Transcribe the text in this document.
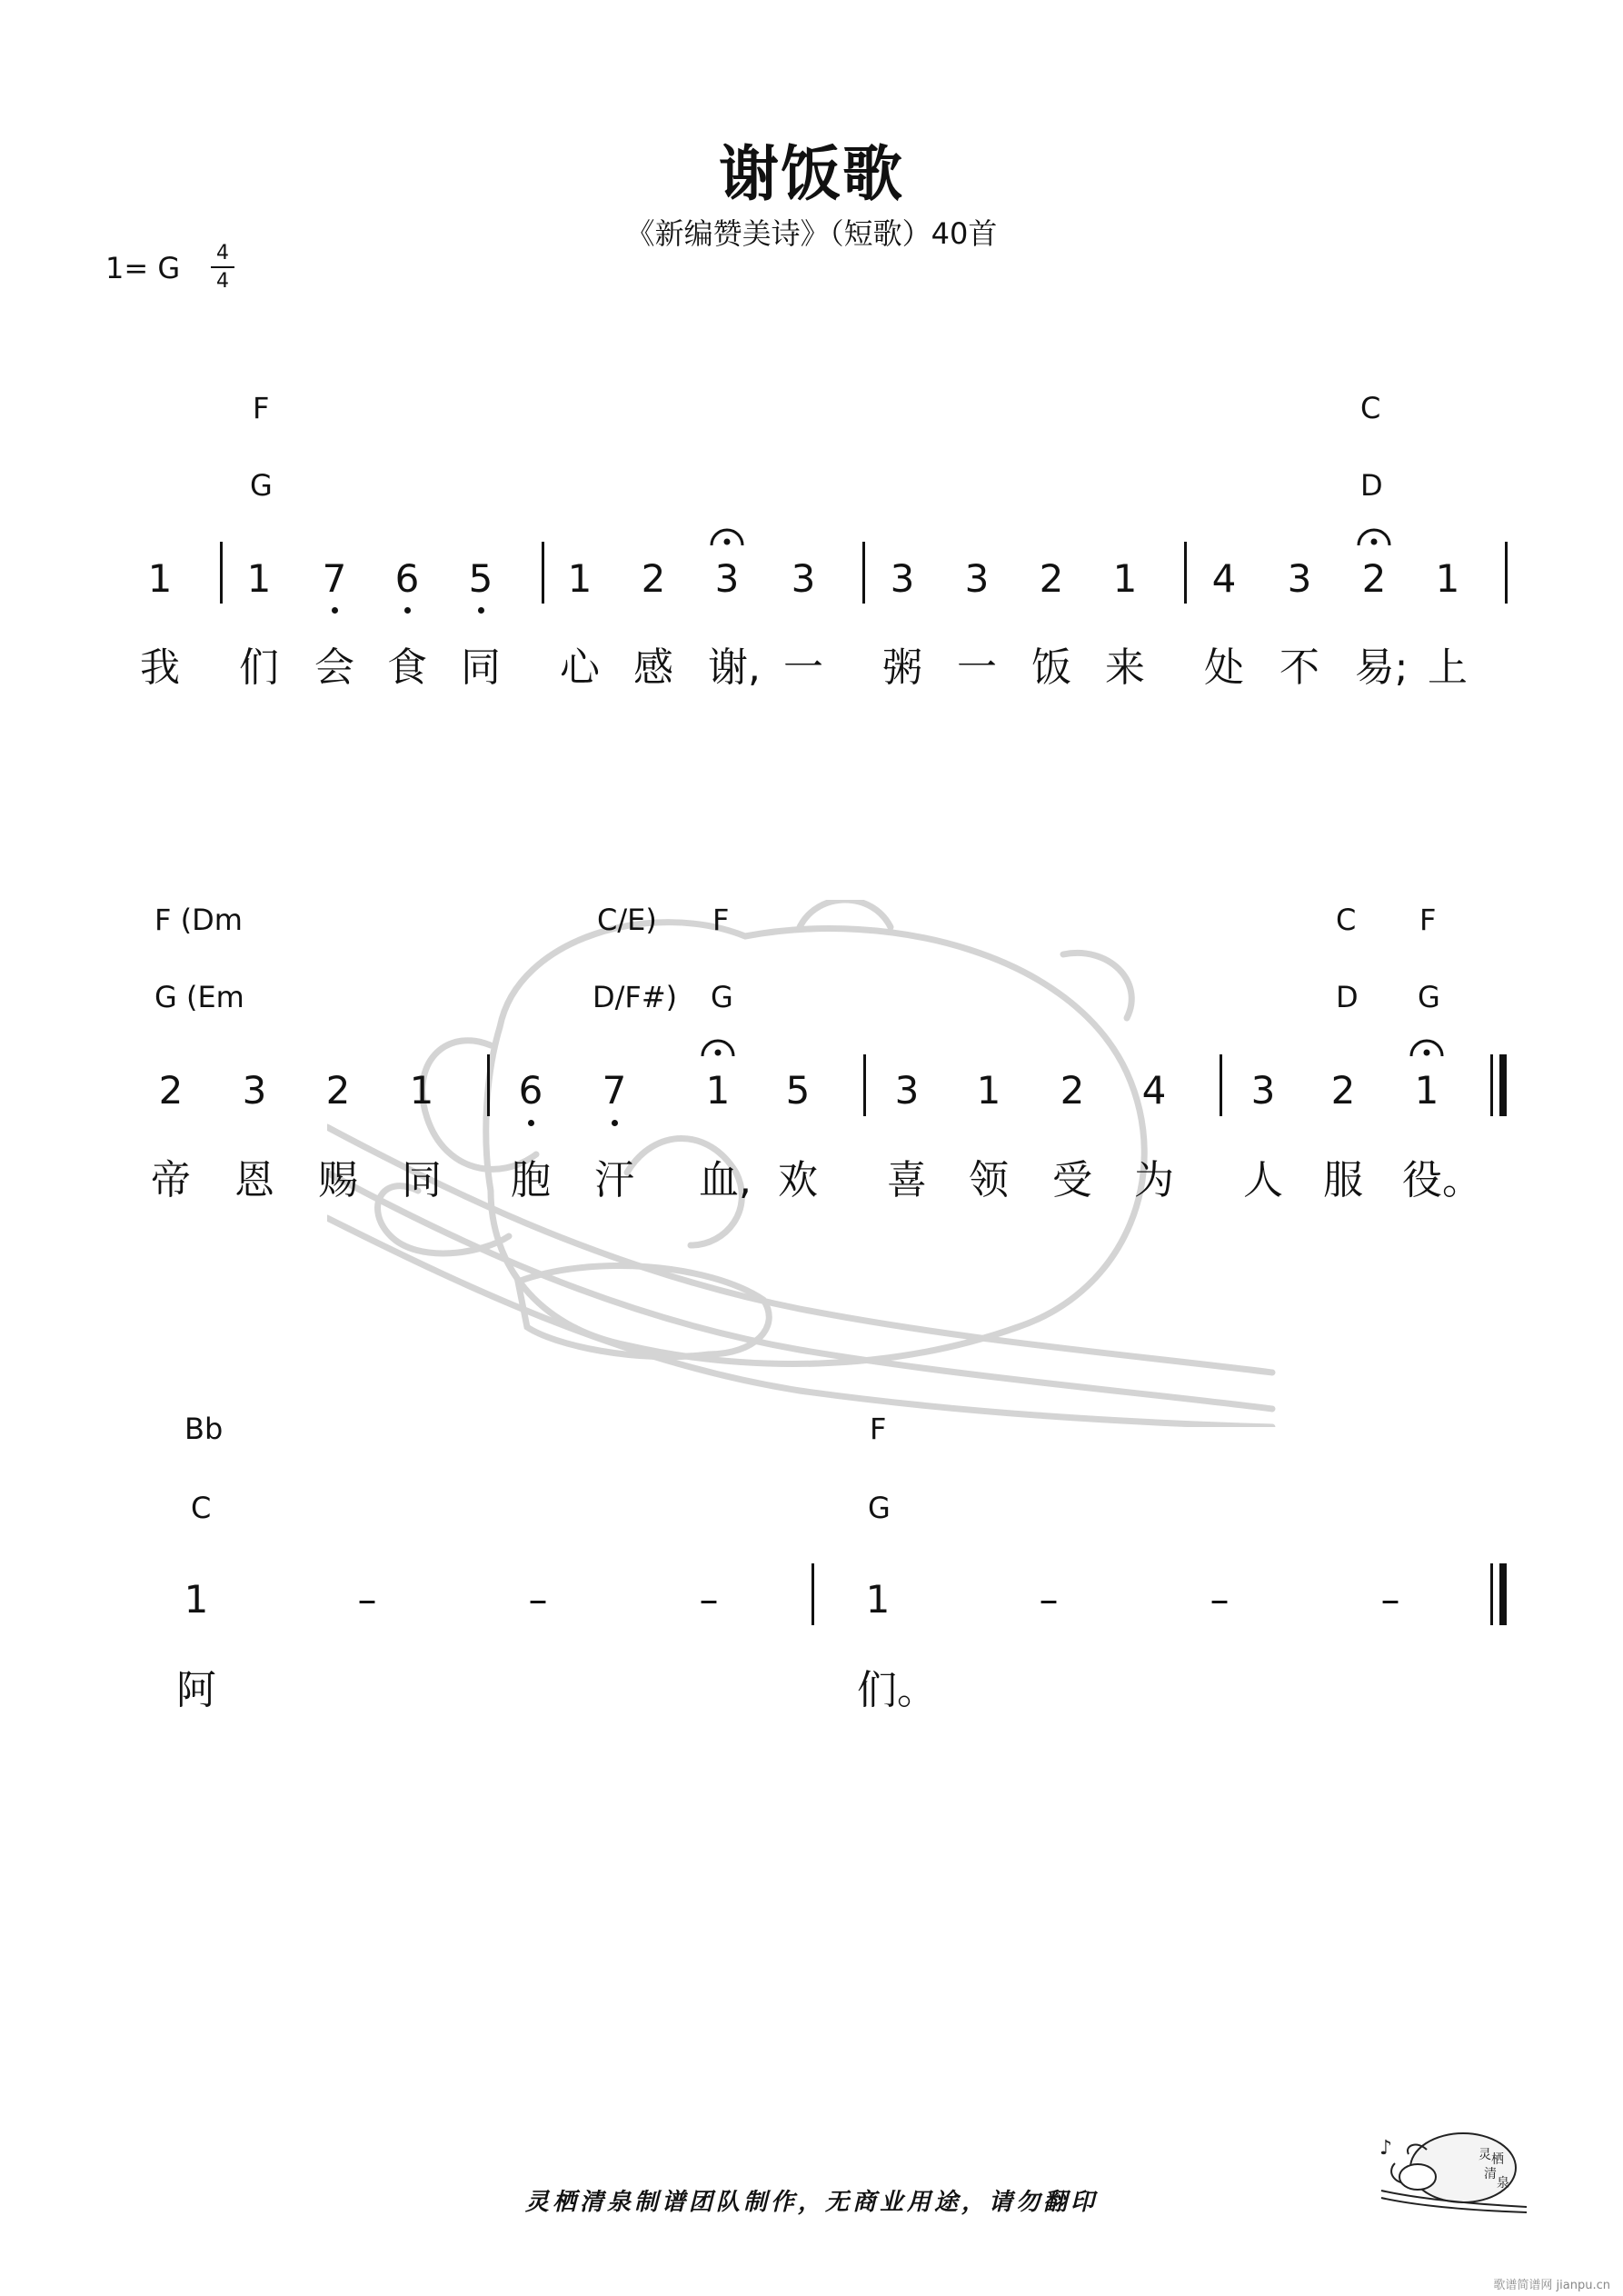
谢饭歌
《新编赞美诗》（短歌）40首
1= G 4
4
F
G
C
D
1	1	7	6	5	1	2	3	3	3	3	2	1	4	3	2	1
我 们 会 食 同 心 感 谢, 一 粥 一 饭 来 处 不 易; 上
F (Dm
G (Em
C/E)
D/F#)
F
G
C
D
F
G
2	3	2	1	6	7	1	5	3	1	2	4	3	2	1
帝 恩 赐 同 胞 汗 血, 欢 喜 领 受 为 人 服 役。
Bb
C
F
G
1	–	–	–	1	–	–	–
阿	们。
灵栖清泉制谱团队制作，无商业用途，请勿翻印
♪	灵 栖
清
泉
歌谱简谱网 jianpu.cn
